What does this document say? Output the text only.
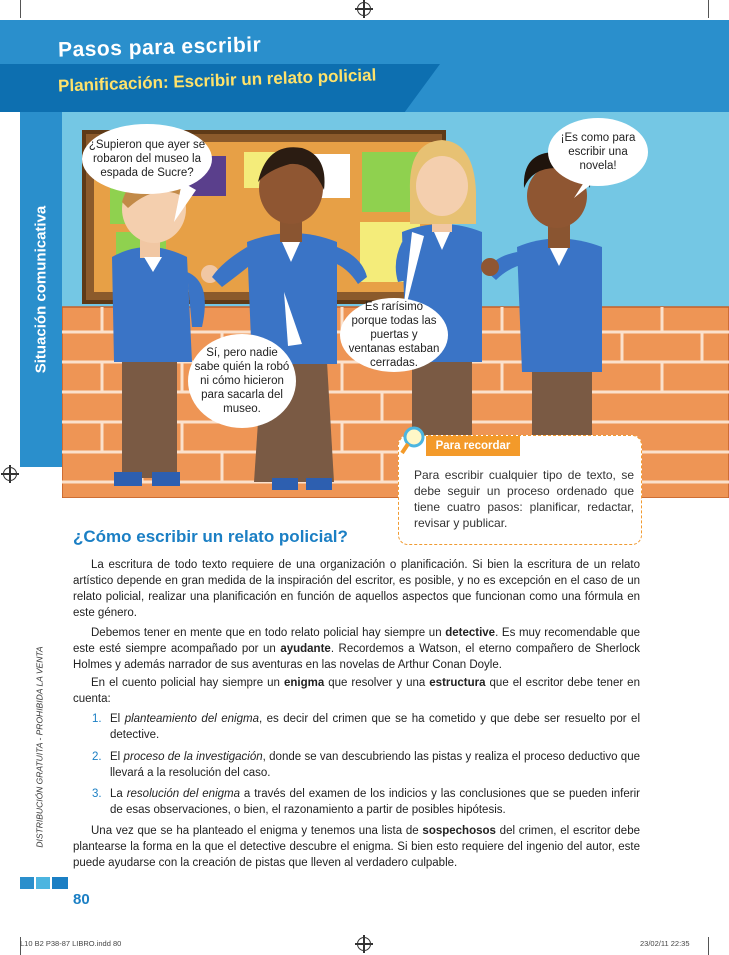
Pasos para escribir
Planificación: Escribir un relato policial
Situación comunicativa
DISTRIBUCIÓN GRATUITA - PROHIBIDA LA VENTA
¿Supieron que ayer se robaron del museo la espada de Sucre?
¡Es como para escribir una novela!
Es rarísimo porque todas las puertas y ventanas estaban cerradas.
Sí, pero nadie sabe quién la robó ni cómo hicieron para sacarla del museo.
Para recordar
Para escribir cualquier tipo de texto, se debe seguir un proceso ordenado que tiene cuatro pasos: planificar, redactar, revisar y publicar.
¿Cómo escribir un relato policial?
La escritura de todo texto requiere de una organización o planificación. Si bien la escritura de un relato artístico depende en gran medida de la inspiración del escritor, es posible, y no es excepción en el caso de un relato policial, realizar una planificación en función de aquellos aspectos que funcionan como una fórmula en este género.
Debemos tener en mente que en todo relato policial hay siempre un detective. Es muy recomendable que este esté siempre acompañado por un ayudante. Recordemos a Watson, el eterno compañero de Sherlock Holmes y además narrador de sus aventuras en las novelas de Arthur Conan Doyle.
En el cuento policial hay siempre un enigma que resolver y una estructura que el escritor debe tener en cuenta:
1. El planteamiento del enigma, es decir del crimen que se ha cometido y que debe ser resuelto por el detective.
2. El proceso de la investigación, donde se van descubriendo las pistas y realiza el proceso deductivo que llevará a la resolución del caso.
3. La resolución del enigma a través del examen de los indicios y las conclusiones que se pueden inferir de esas observaciones, o bien, el razonamiento a partir de posibles hipótesis.
Una vez que se ha planteado el enigma y tenemos una lista de sospechosos del crimen, el escritor debe plantearse la forma en la que el detective descubre el enigma. Si bien esto requiere del ingenio del autor, este puede ayudarse con la creación de pistas que lleven al verdadero culpable.
80
L10 B2 P38-87 LIBRO.indd 80	23/02/11 22:35
